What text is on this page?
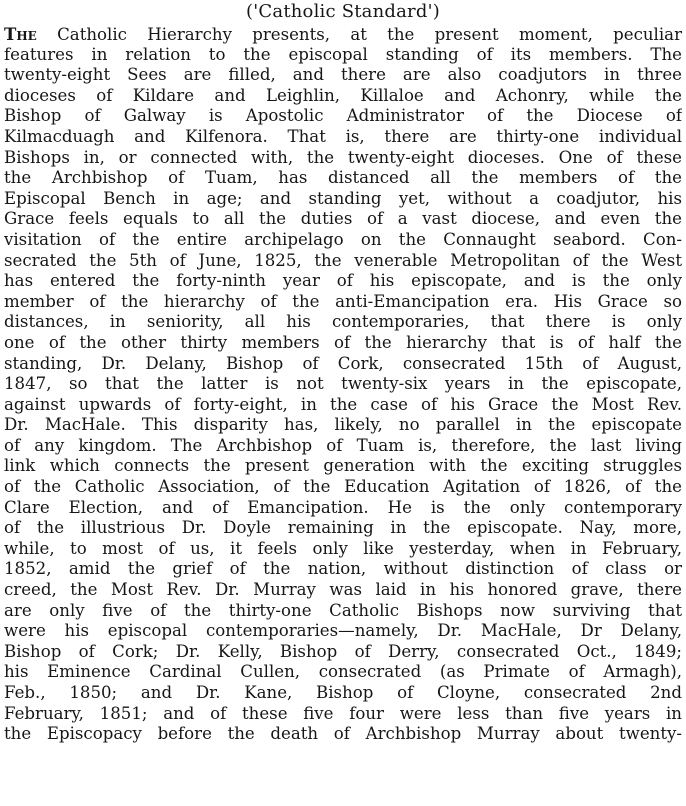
('Catholic Standard')
The Catholic Hierarchy presents, at the present moment, peculiar
features in relation to the episcopal standing of its members. The
twenty-eight Sees are filled, and there are also coadjutors in three
dioceses of Kildare and Leighlin, Killaloe and Achonry, while the
Bishop of Galway is Apostolic Administrator of the Diocese of
Kilmacduagh and Kilfenora. That is, there are thirty-one individual
Bishops in, or connected with, the twenty-eight dioceses. One of these
the Archbishop of Tuam, has distanced all the members of the
Episcopal Bench in age; and standing yet, without a coadjutor, his
Grace feels equals to all the duties of a vast diocese, and even the
visitation of the entire archipelago on the Connaught seabord. Con-
secrated the 5th of June, 1825, the venerable Metropolitan of the West
has entered the forty-ninth year of his episcopate, and is the only
member of the hierarchy of the anti-Emancipation era. His Grace so
distances, in seniority, all his contemporaries, that there is only
one of the other thirty members of the hierarchy that is of half the
standing, Dr. Delany, Bishop of Cork, consecrated 15th of August,
1847, so that the latter is not twenty-six years in the episcopate,
against upwards of forty-eight, in the case of his Grace the Most Rev.
Dr. MacHale. This disparity has, likely, no parallel in the episcopate
of any kingdom. The Archbishop of Tuam is, therefore, the last living
link which connects the present generation with the exciting struggles
of the Catholic Association, of the Education Agitation of 1826, of the
Clare Election, and of Emancipation. He is the only contemporary
of the illustrious Dr. Doyle remaining in the episcopate. Nay, more,
while, to most of us, it feels only like yesterday, when in February,
1852, amid the grief of the nation, without distinction of class or
creed, the Most Rev. Dr. Murray was laid in his honored grave, there
are only five of the thirty-one Catholic Bishops now surviving that
were his episcopal contemporaries—namely, Dr. MacHale, Dr Delany,
Bishop of Cork; Dr. Kelly, Bishop of Derry, consecrated Oct., 1849;
his Eminence Cardinal Cullen, consecrated (as Primate of Armagh),
Feb., 1850; and Dr. Kane, Bishop of Cloyne, consecrated 2nd
February, 1851; and of these five four were less than five years in
the Episcopacy before the death of Archbishop Murray about twenty-
